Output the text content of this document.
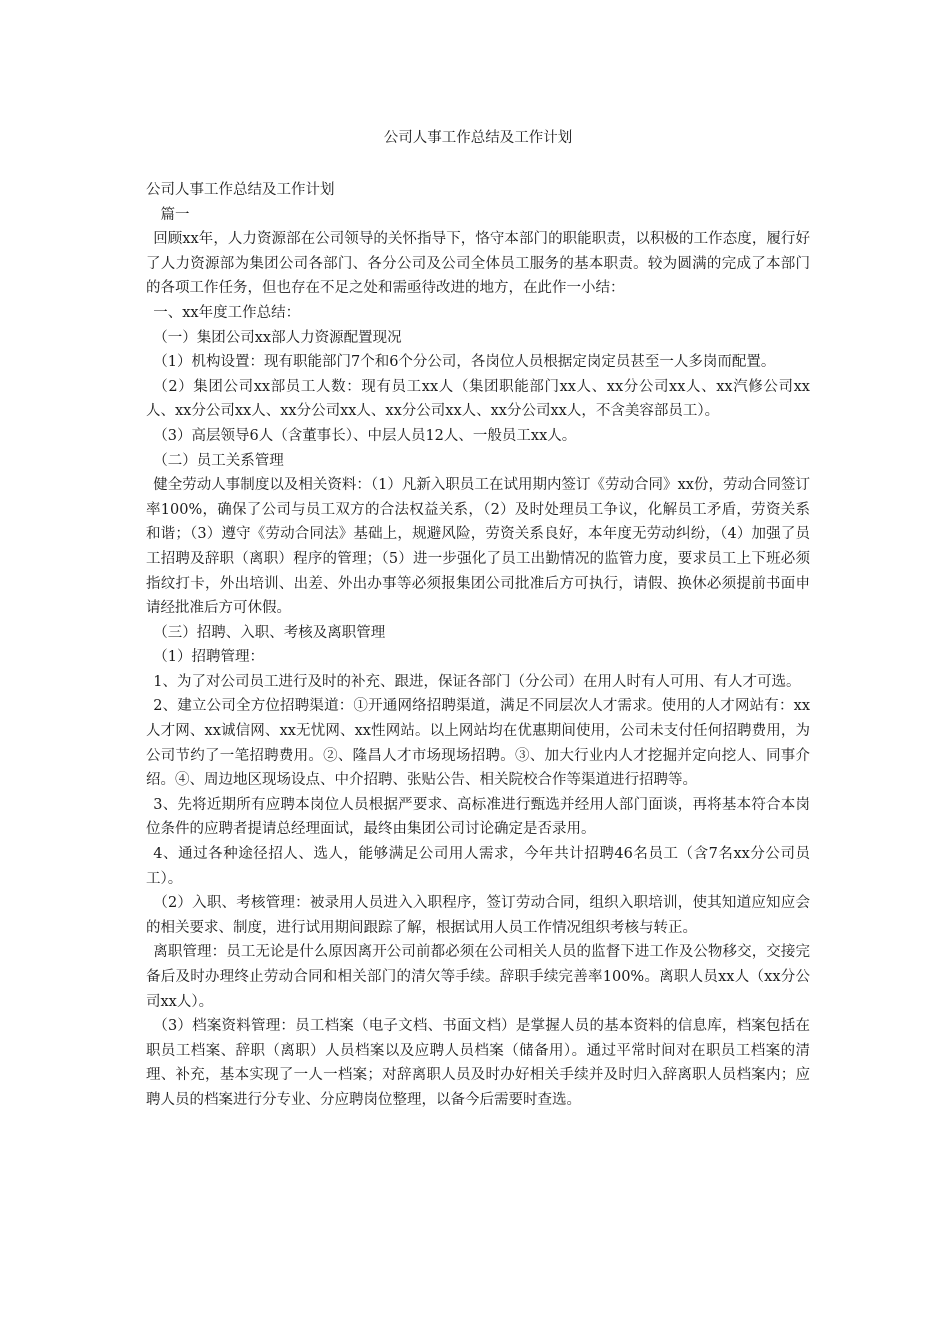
公司人事工作总结及工作计划

公司人事工作总结及工作计划

篇一

回顾xx年，人力资源部在公司领导的关怀指导下，恪守本部门的职能职责，以积极的工作态度，履行好了人力资源部为集团公司各部门、各分公司及公司全体员工服务的基本职责。较为圆满的完成了本部门的各项工作任务，但也存在不足之处和需亟待改进的地方，在此作一小结：

一、xx年度工作总结：

（一）集团公司xx部人力资源配置现况

（1）机构设置：现有职能部门7个和6个分公司，各岗位人员根据定岗定员甚至一人多岗而配置。

（2）集团公司xx部员工人数：现有员工xx人（集团职能部门xx人、xx分公司xx人、xx汽修公司xx人、xx分公司xx人、xx分公司xx人、xx分公司xx人、xx分公司xx人，不含美容部员工）。

（3）高层领导6人（含董事长）、中层人员12人、一般员工xx人。

（二）员工关系管理

健全劳动人事制度以及相关资料：（1）凡新入职员工在试用期内签订《劳动合同》xx份，劳动合同签订率100%，确保了公司与员工双方的合法权益关系，（2）及时处理员工争议，化解员工矛盾，劳资关系和谐；（3）遵守《劳动合同法》基础上，规避风险，劳资关系良好，本年度无劳动纠纷，（4）加强了员工招聘及辞职（离职）程序的管理；（5）进一步强化了员工出勤情况的监管力度，要求员工上下班必须指纹打卡，外出培训、出差、外出办事等必须报集团公司批准后方可执行，请假、换休必须提前书面申请经批准后方可休假。

（三）招聘、入职、考核及离职管理

（1）招聘管理：

1、为了对公司员工进行及时的补充、跟进，保证各部门（分公司）在用人时有人可用、有人才可选。

2、建立公司全方位招聘渠道：①开通网络招聘渠道，满足不同层次人才需求。使用的人才网站有：xx人才网、xx诚信网、xx无忧网、xx性网站。以上网站均在优惠期间使用，公司未支付任何招聘费用，为公司节约了一笔招聘费用。②、隆昌人才市场现场招聘。③、加大行业内人才挖掘并定向挖人、同事介绍。④、周边地区现场设点、中介招聘、张贴公告、相关院校合作等渠道进行招聘等。

3、先将近期所有应聘本岗位人员根据严要求、高标准进行甄选并经用人部门面谈，再将基本符合本岗位条件的应聘者提请总经理面试，最终由集团公司讨论确定是否录用。

4、通过各种途径招人、选人，能够满足公司用人需求，今年共计招聘46名员工（含7名xx分公司员工）。

（2）入职、考核管理：被录用人员进入入职程序，签订劳动合同，组织入职培训，使其知道应知应会的相关要求、制度，进行试用期间跟踪了解，根据试用人员工作情况组织考核与转正。

离职管理：员工无论是什么原因离开公司前都必须在公司相关人员的监督下进工作及公物移交，交接完备后及时办理终止劳动合同和相关部门的清欠等手续。辞职手续完善率100%。离职人员xx人（xx分公司xx人）。

（3）档案资料管理：员工档案（电子文档、书面文档）是掌握人员的基本资料的信息库，档案包括在职员工档案、辞职（离职）人员档案以及应聘人员档案（储备用）。通过平常时间对在职员工档案的清理、补充，基本实现了一人一档案；对辞离职人员及时办好相关手续并及时归入辞离职人员档案内；应聘人员的档案进行分专业、分应聘岗位整理，以备今后需要时查选。
